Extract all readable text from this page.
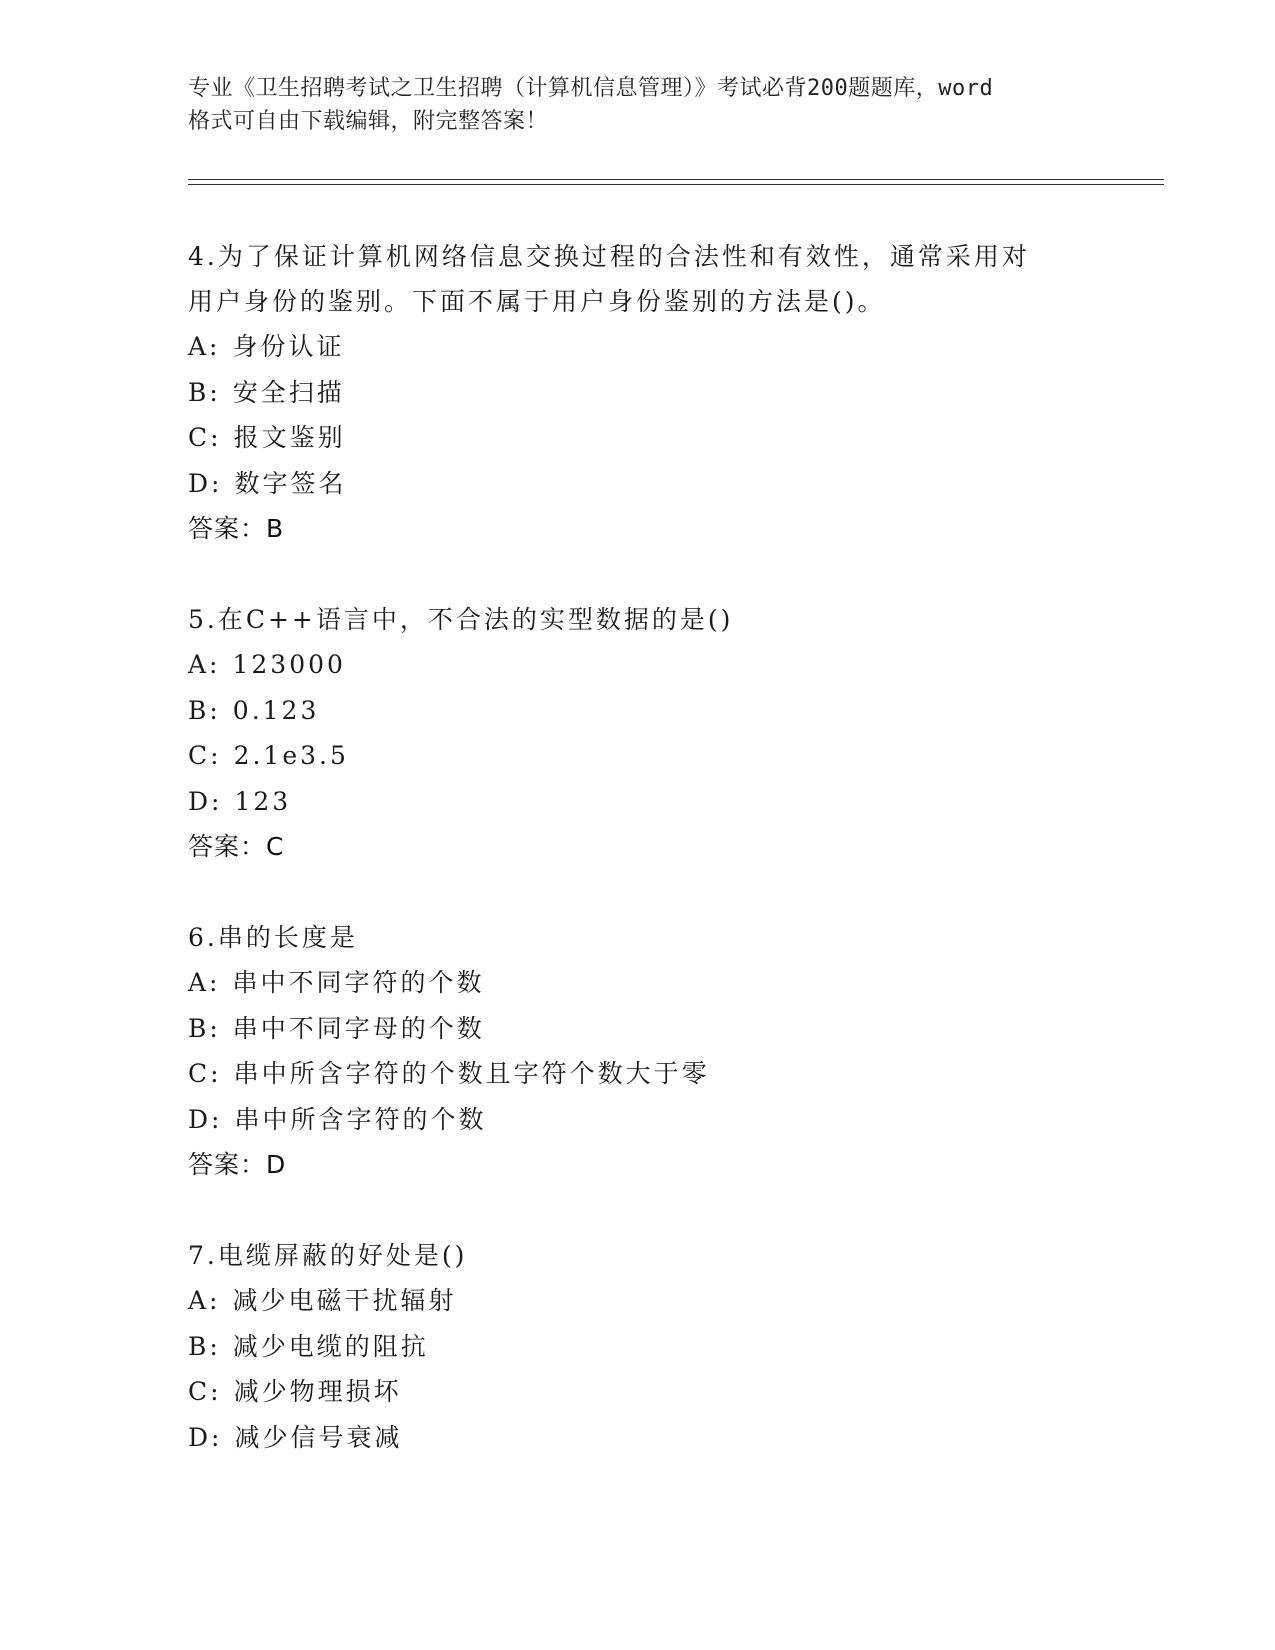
专业《卫生招聘考试之卫生招聘（计算机信息管理）》考试必背200题题库，word
格式可自由下载编辑，附完整答案！

4.为了保证计算机网络信息交换过程的合法性和有效性，通常采用对

用户身份的鉴别。下面不属于用户身份鉴别的方法是()。

A: 身份认证

B: 安全扫描

C: 报文鉴别

D: 数字签名

答案：B

5.在C++语言中，不合法的实型数据的是()

A: 123000

B: 0.123

C: 2.1e3.5

D: 123

答案：C

6.串的长度是

A: 串中不同字符的个数

B: 串中不同字母的个数

C: 串中所含字符的个数且字符个数大于零

D: 串中所含字符的个数

答案：D

7.电缆屏蔽的好处是()

A: 减少电磁干扰辐射

B: 减少电缆的阻抗

C: 减少物理损坏

D: 减少信号衰减
